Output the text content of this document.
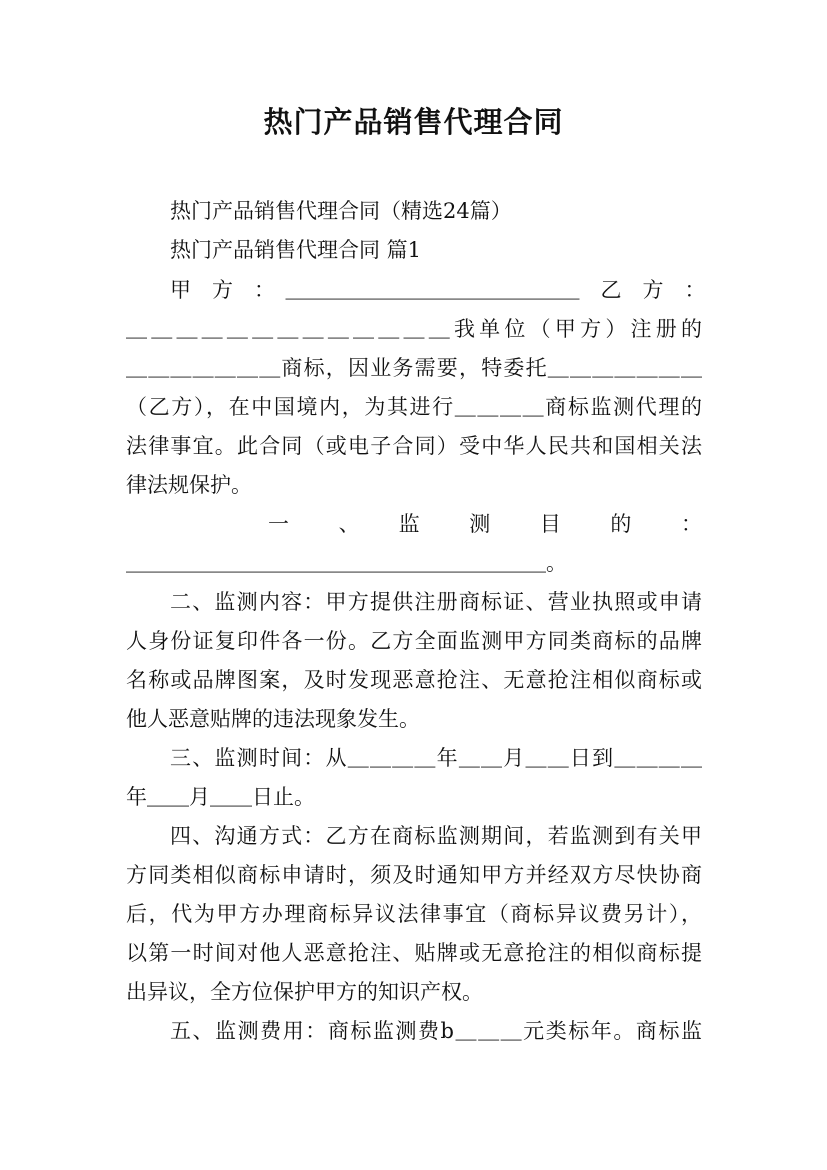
热门产品销售代理合同

热门产品销售代理合同（精选24篇）

热门产品销售代理合同 篇1

甲　方　：　＿＿＿＿＿＿＿＿＿＿＿＿＿＿　乙　方　：

＿＿＿＿＿＿＿＿＿＿＿＿＿我单位（甲方）注册的

＿＿＿＿＿＿＿商标，因业务需要，特委托＿＿＿＿＿＿＿

（乙方），在中国境内，为其进行＿＿＿＿商标监测代理的

法律事宜。此合同（或电子合同）受中华人民共和国相关法

律法规保护。

一　、　监　测　目　的　：

＿＿＿＿＿＿＿＿＿＿＿＿＿＿＿＿＿＿＿＿。

二、监测内容：甲方提供注册商标证、营业执照或申请

人身份证复印件各一份。乙方全面监测甲方同类商标的品牌

名称或品牌图案，及时发现恶意抢注、无意抢注相似商标或

他人恶意贴牌的违法现象发生。

三、监测时间：从＿＿＿＿年＿＿月＿＿日到＿＿＿＿

年＿＿月＿＿日止。

四、沟通方式：乙方在商标监测期间，若监测到有关甲

方同类相似商标申请时，须及时通知甲方并经双方尽快协商

后，代为甲方办理商标异议法律事宜（商标异议费另计），

以第一时间对他人恶意抢注、贴牌或无意抢注的相似商标提

出异议，全方位保护甲方的知识产权。

五、监测费用：商标监测费b＿＿＿元类标年。商标监
